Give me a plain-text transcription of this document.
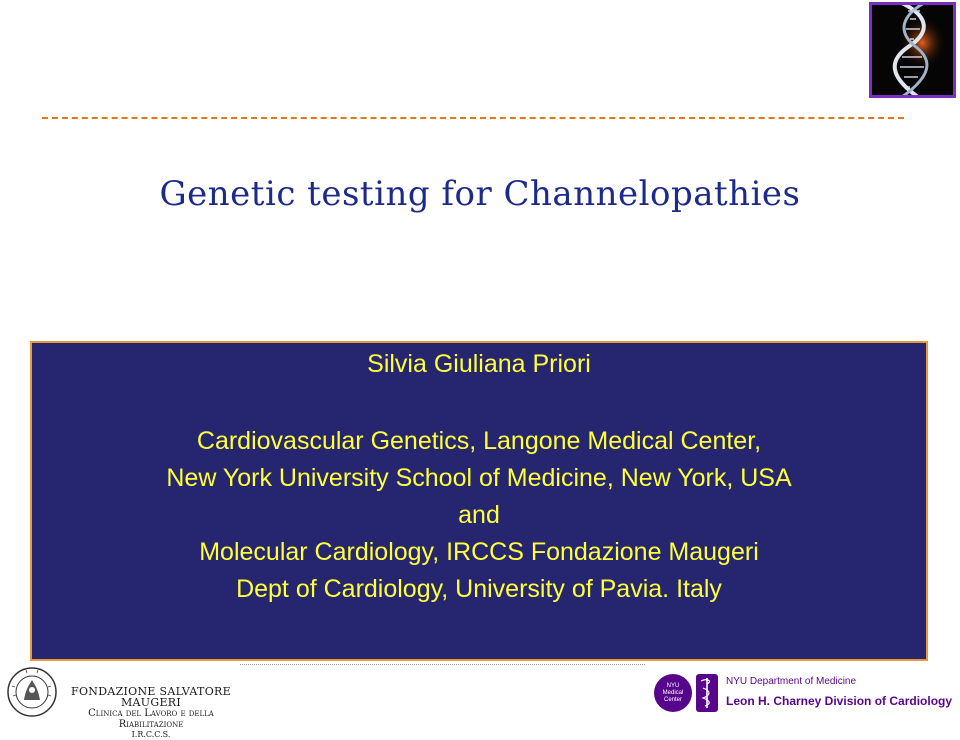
Genetic testing for Channelopathies
Silvia Giuliana Priori
Cardiovascular Genetics, Langone Medical Center,
New York University School of Medicine, New York, USA
and
Molecular Cardiology, IRCCS Fondazione Maugeri
Dept of Cardiology, University of Pavia. Italy
FONDAZIONE SALVATORE MAUGERI
Clinica del Lavoro e della Riabilitazione
I.R.C.C.S.
NYU
Medical
Center
NYU Department of Medicine
Leon H. Charney Division of Cardiology
